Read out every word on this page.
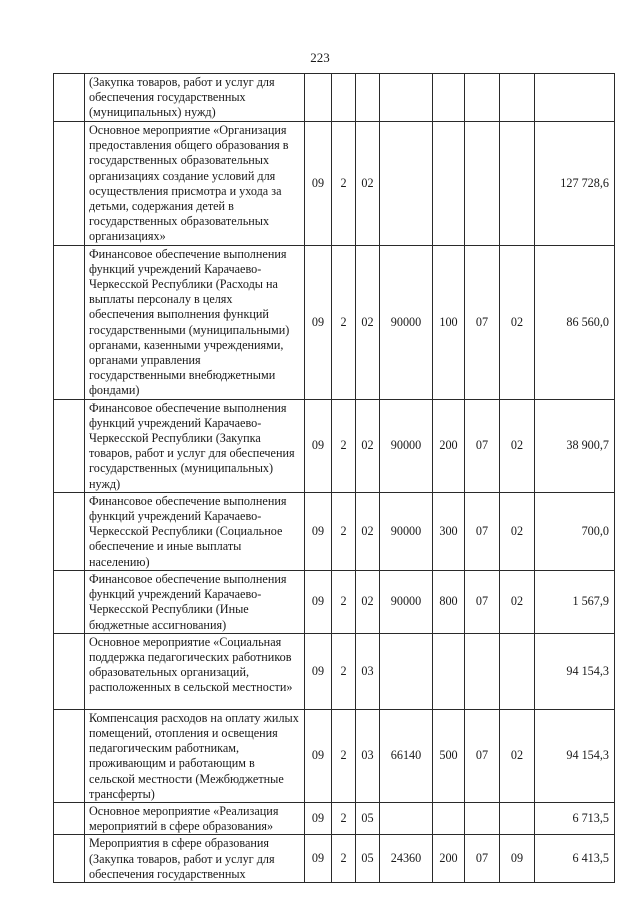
223
	(Закупка товаров, работ и услуг для обеспечения государственных (муниципальных) нужд)								
	Основное мероприятие «Организация предоставления общего образования в государственных образовательных организациях создание условий для осуществления присмотра и ухода за детьми, содержания детей в государственных образовательных организациях»	09	2	02					127 728,6
	Финансовое обеспечение выполнения функций учреждений Карачаево-Черкесской Республики (Расходы на выплаты персоналу в целях обеспечения выполнения функций государственными (муниципальными) органами, казенными учреждениями, органами управления государственными внебюджетными фондами)	09	2	02	90000	100	07	02	86 560,0
	Финансовое обеспечение выполнения функций учреждений Карачаево-Черкесской Республики (Закупка товаров, работ и услуг для обеспечения государственных (муниципальных) нужд)	09	2	02	90000	200	07	02	38 900,7
	Финансовое обеспечение выполнения функций учреждений Карачаево-Черкесской Республики (Социальное обеспечение и иные выплаты населению)	09	2	02	90000	300	07	02	700,0
	Финансовое обеспечение выполнения функций учреждений Карачаево-Черкесской Республики (Иные бюджетные ассигнования)	09	2	02	90000	800	07	02	1 567,9
	Основное мероприятие «Социальная поддержка педагогических работников образовательных организаций, расположенных в сельской местности»	09	2	03					94 154,3
	Компенсация расходов на оплату жилых помещений, отопления и освещения педагогическим работникам, проживающим и работающим в сельской местности (Межбюджетные трансферты)	09	2	03	66140	500	07	02	94 154,3
	Основное мероприятие «Реализация мероприятий в сфере образования»	09	2	05					6 713,5
	Мероприятия в сфере образования (Закупка товаров, работ и услуг для обеспечения государственных	09	2	05	24360	200	07	09	6 413,5
